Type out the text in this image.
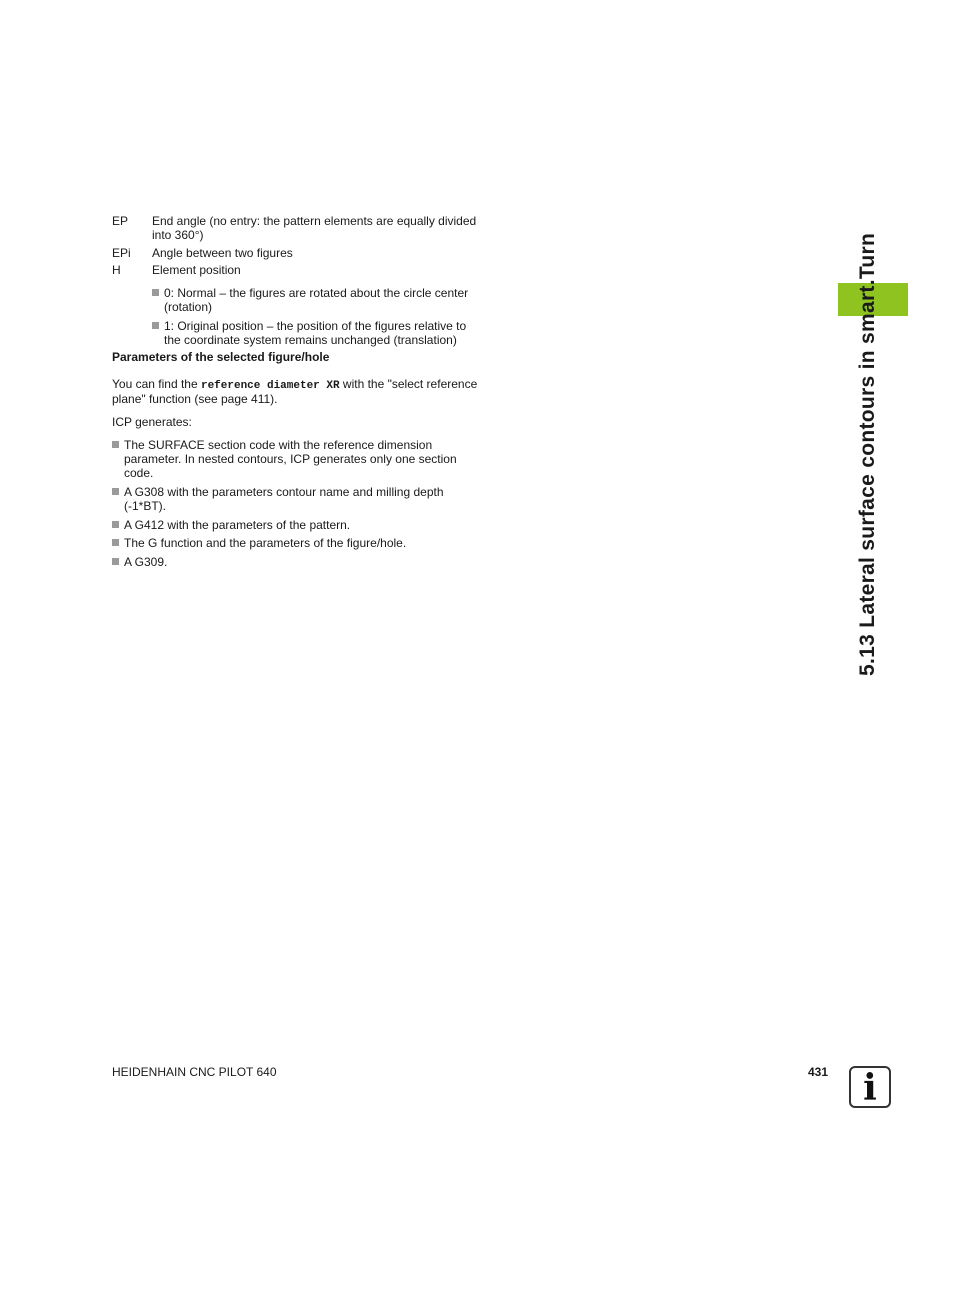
5.13 Lateral surface contours in smart.Turn
EP End angle (no entry: the pattern elements are equally divided
into 360°)
EPi Angle between two figures
H	Element position
0: Normal – the figures are rotated about the circle center
(rotation)
1: Original position – the position of the figures relative to
the coordinate system remains unchanged (translation)
Parameters of the selected figure/hole
You can find the reference diameter XR with the "select reference
plane" function (see page 411).
ICP generates:
The SURFACE section code with the reference dimension
parameter. In nested contours, ICP generates only one section
code.
A G308 with the parameters contour name and milling depth
(-1*BT).
A G412 with the parameters of the pattern.
The G function and the parameters of the figure/hole.
A G309.
HEIDENHAIN CNC PILOT 640	431 i
